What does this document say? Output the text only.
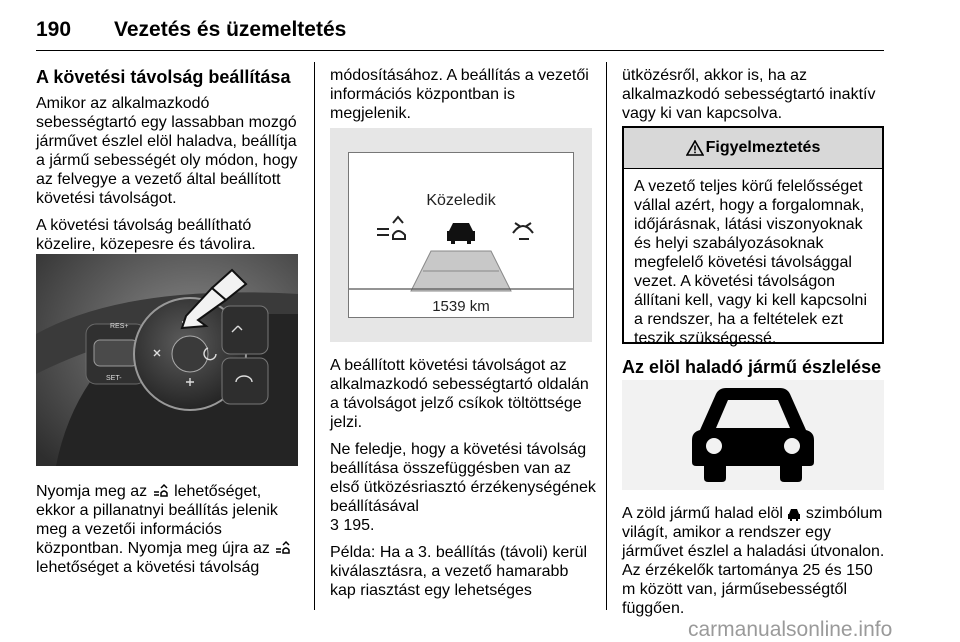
190 Vezetés és üzemeltetés
A követési távolság beállítása

Amikor az alkalmazkodó sebességtartó egy lassabban mozgó járművet észlel elöl haladva, beállítja a jármű sebességét oly módon, hogy az felvegye a vezető által beállított követési távolságot.

A követési távolság beállítható közelire, közepesre és távolira.

RES+
SET-

Nyomja meg az lehetőséget, ekkor a pillanatnyi beállítás jelenik meg a vezetői információs központban. Nyomja meg újra az  lehetőséget a követési távolság

módosításához. A beállítás a vezetői információs központban is megjelenik.

Közeledik
1539 km

A beállított követési távolságot az alkalmazkodó sebességtartó oldalán a távolságot jelző csíkok töltöttsége jelzi.

Ne feledje, hogy a követési távolság beállítása összefüggésben van az első ütközésriasztó érzékenységének beállításával
3 195.

Példa: Ha a 3. beállítás (távoli) kerül kiválasztásra, a vezető hamarabb kap riasztást egy lehetséges

ütközésről, akkor is, ha az alkalmazkodó sebességtartó inaktív vagy ki van kapcsolva.

Figyelmeztetés
A vezető teljes körű felelősséget vállal azért, hogy a forgalomnak, időjárásnak, látási viszonyoknak és helyi szabályozásoknak megfelelő követési távolsággal vezet. A követési távolságon állítani kell, vagy ki kell kapcsolni a rendszer, ha a feltételek ezt teszik szükségessé.
Az elöl haladó jármű észlelése

A zöld jármű halad elöl szimbólum világít, amikor a rendszer egy járművet észlel a haladási útvonalon. Az érzékelők tartománya 25 és 150 m között van, járműsebességtől függően.

carmanualsonline.info
